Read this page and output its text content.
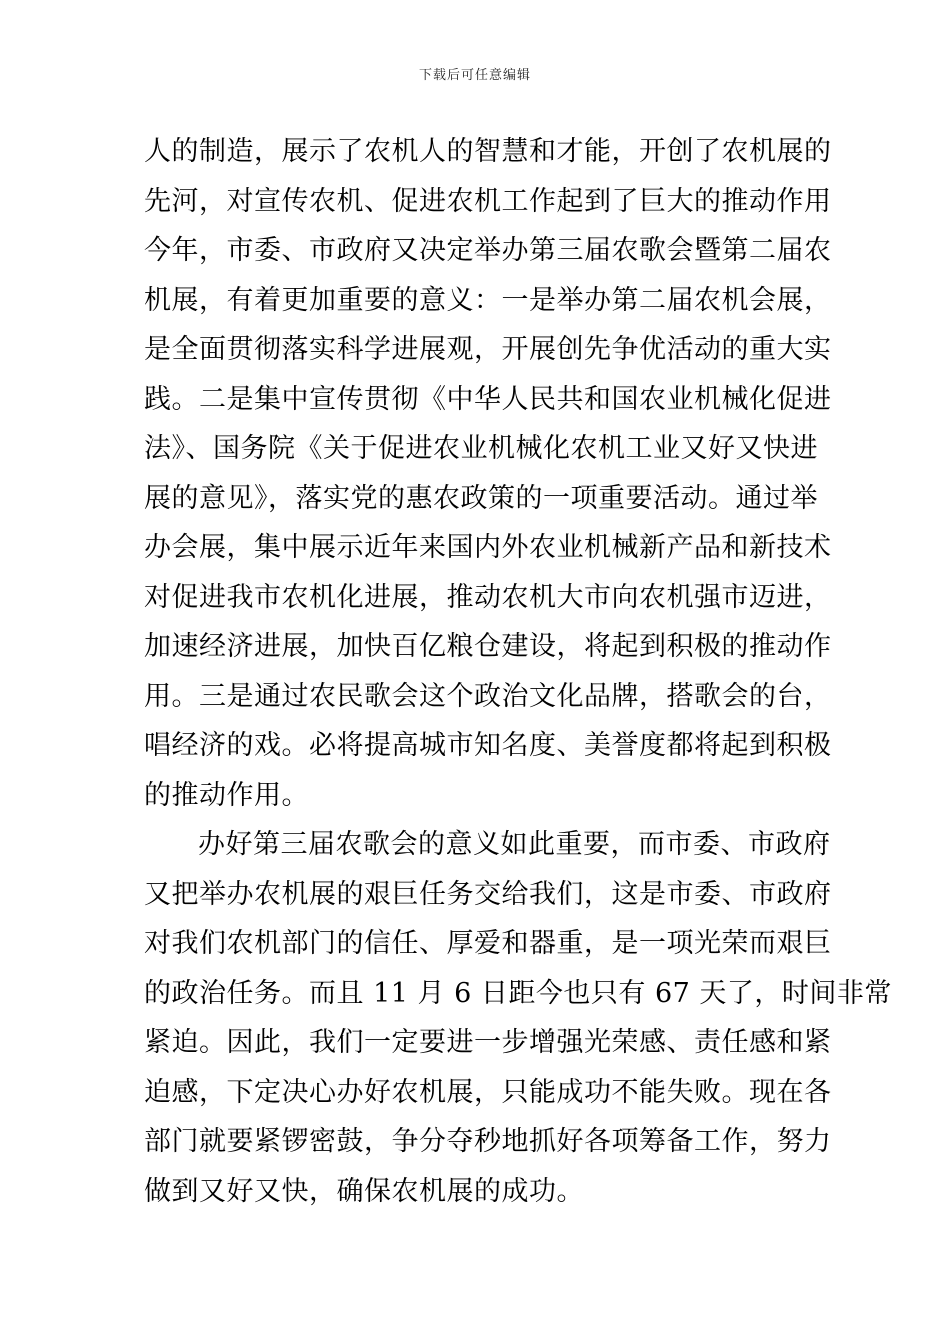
下载后可任意编辑
人的制造，展示了农机人的智慧和才能，开创了农机展的
先河，对宣传农机、促进农机工作起到了巨大的推动作用
今年，市委、市政府又决定举办第三届农歌会暨第二届农
机展，有着更加重要的意义：一是举办第二届农机会展，
是全面贯彻落实科学进展观，开展创先争优活动的重大实
践。二是集中宣传贯彻《中华人民共和国农业机械化促进
法》、国务院《关于促进农业机械化农机工业又好又快进
展的意见》，落实党的惠农政策的一项重要活动。通过举
办会展，集中展示近年来国内外农业机械新产品和新技术
对促进我市农机化进展，推动农机大市向农机强市迈进，
加速经济进展，加快百亿粮仓建设，将起到积极的推动作
用。三是通过农民歌会这个政治文化品牌，搭歌会的台，
唱经济的戏。必将提高城市知名度、美誉度都将起到积极
的推动作用。
办好第三届农歌会的意义如此重要，而市委、市政府
又把举办农机展的艰巨任务交给我们，这是市委、市政府
对我们农机部门的信任、厚爱和器重，是一项光荣而艰巨
的政治任务。而且 11 月 6 日距今也只有 67 天了，时间非常
紧迫。因此，我们一定要进一步增强光荣感、责任感和紧
迫感，下定决心办好农机展，只能成功不能失败。现在各
部门就要紧锣密鼓，争分夺秒地抓好各项筹备工作，努力
做到又好又快，确保农机展的成功。
